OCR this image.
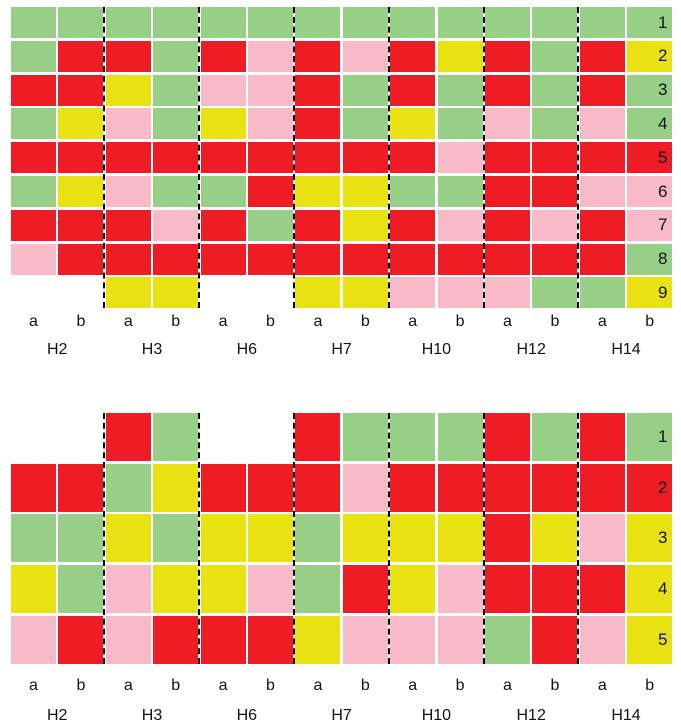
1
2
3
4
5
6
7
8
9
a	b	a	b	a	b	a	b	a	b	a	b	a	b
H2	H3	H6	H7	H10	H12	H14
1
2
3
4
5
a	b	a	b	a	b	a	b	a	b	a	b	a	b
H2	H3	H6	H7	H10	H12	H14
